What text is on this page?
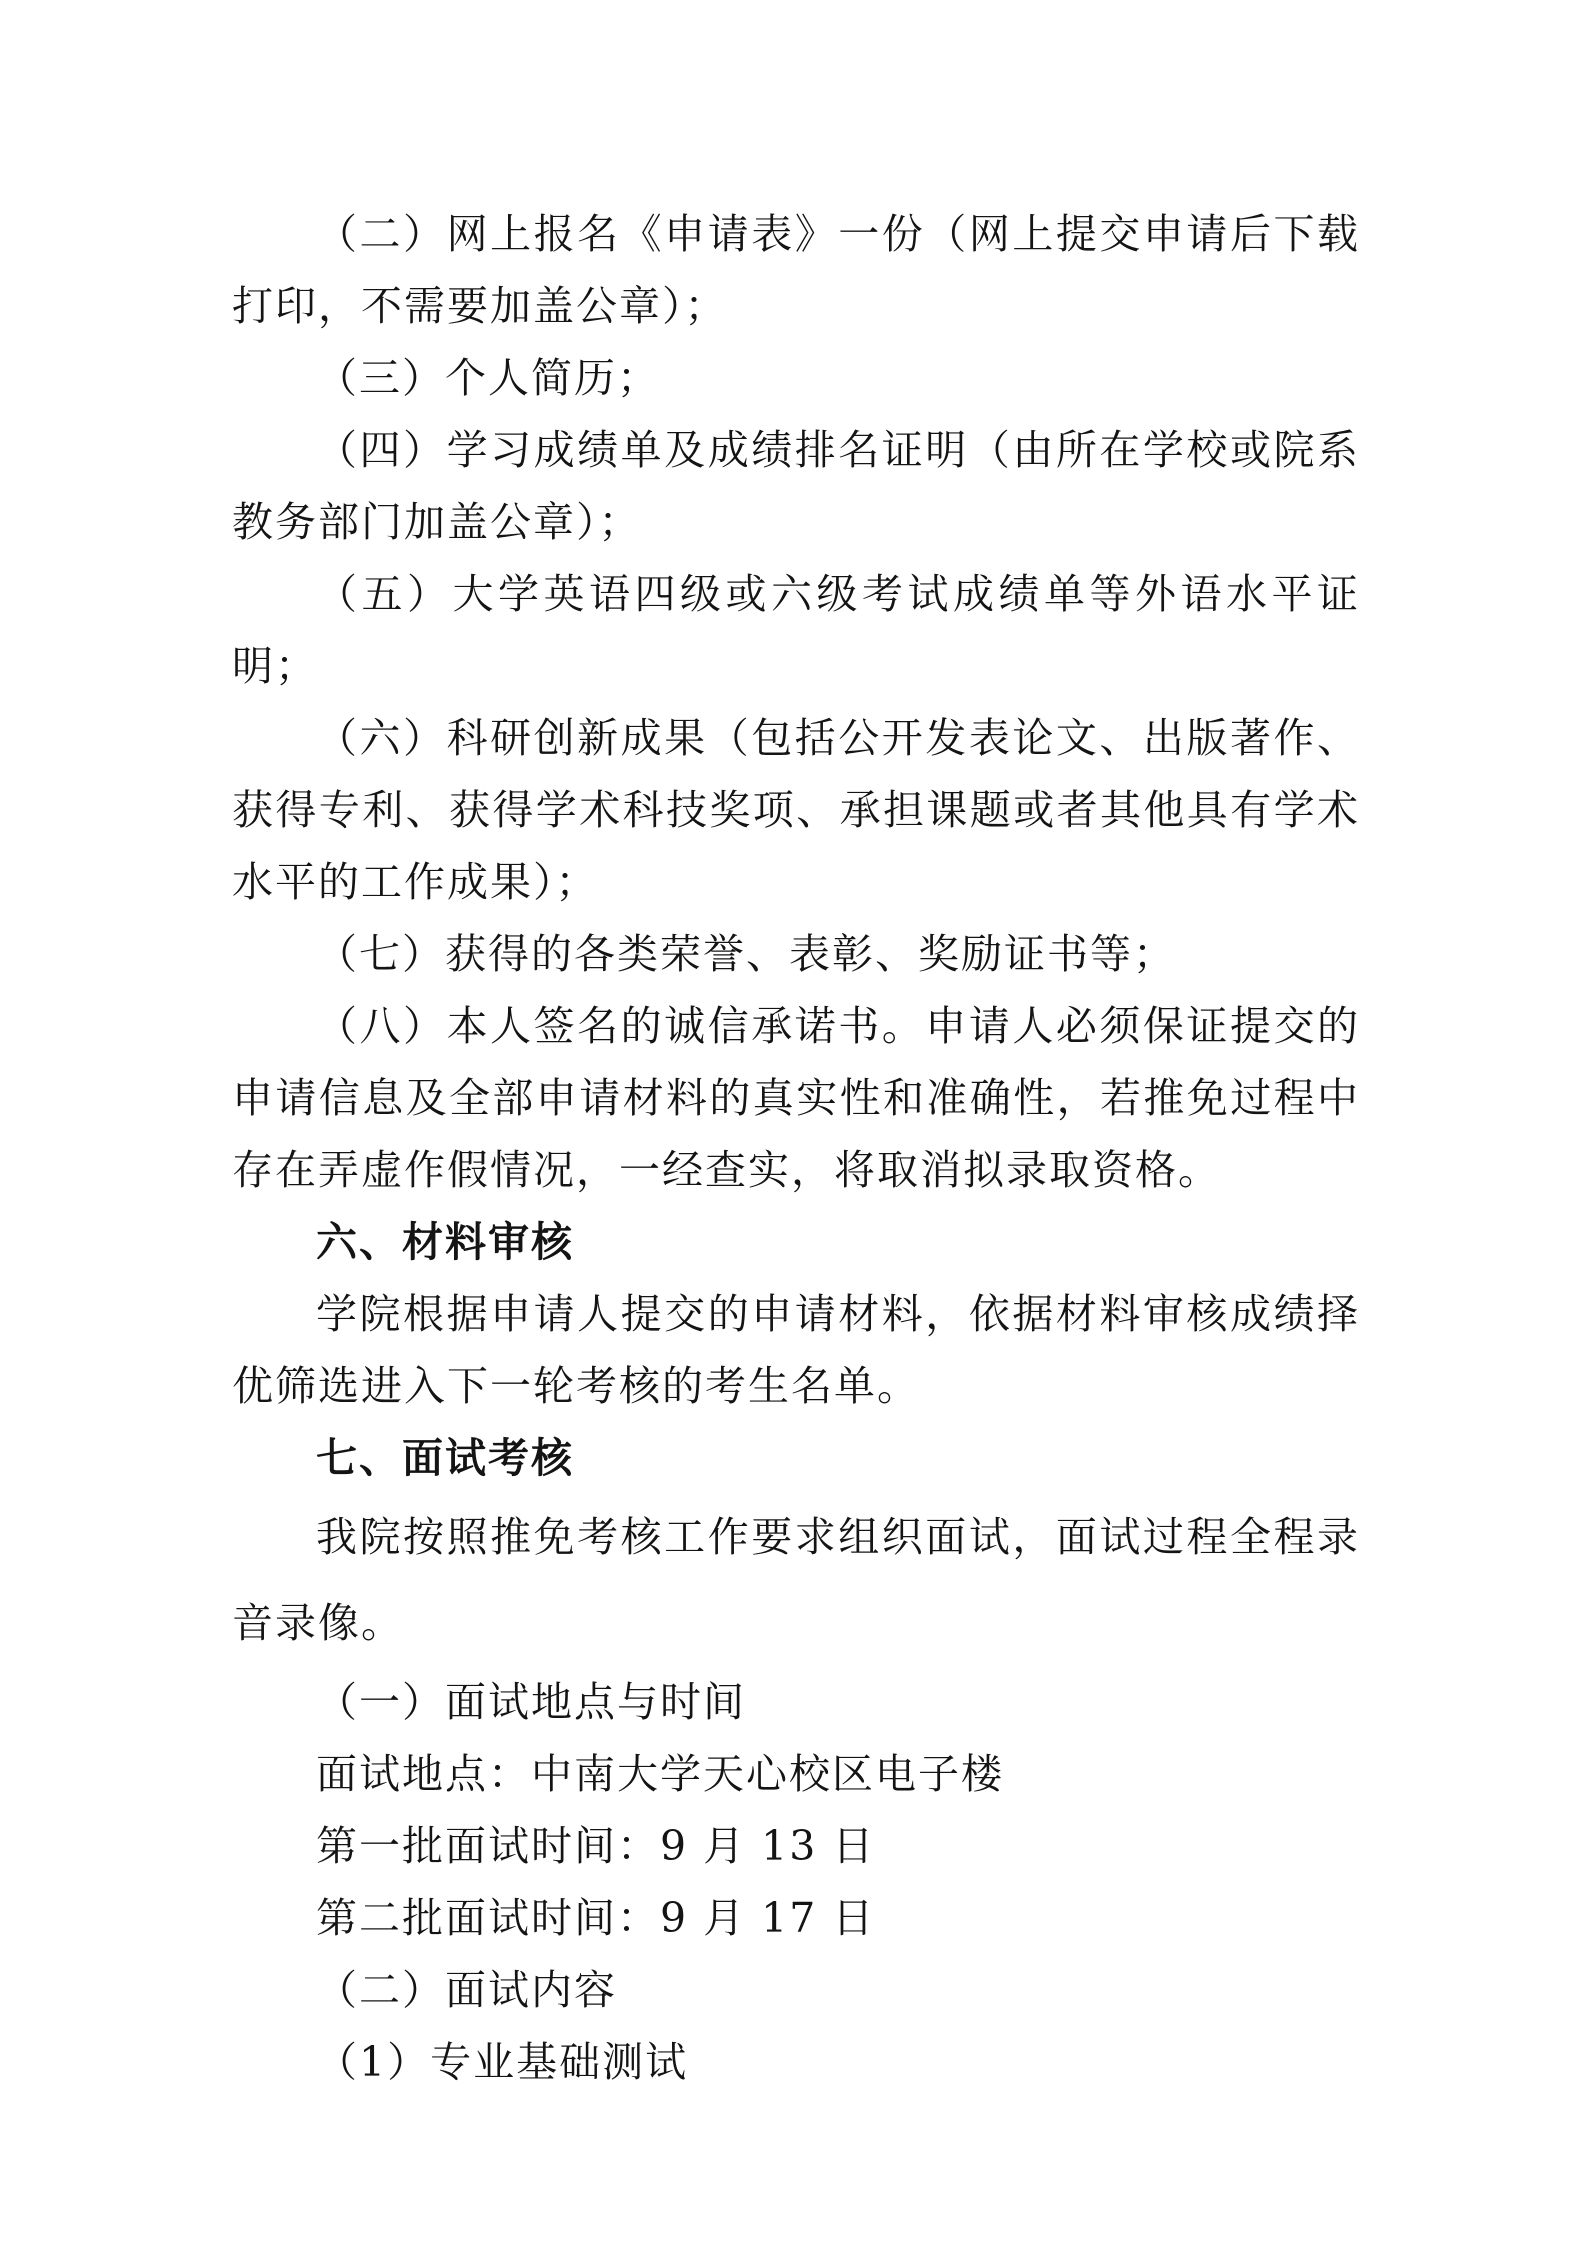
（二）网上报名《申请表》一份（网上提交申请后下载打印，不需要加盖公章）；

（三）个人简历；

（四）学习成绩单及成绩排名证明（由所在学校或院系教务部门加盖公章）；

（五）大学英语四级或六级考试成绩单等外语水平证明；

（六）科研创新成果（包括公开发表论文、出版著作、获得专利、获得学术科技奖项、承担课题或者其他具有学术水平的工作成果）；

（七）获得的各类荣誉、表彰、奖励证书等；

（八）本人签名的诚信承诺书。申请人必须保证提交的申请信息及全部申请材料的真实性和准确性，若推免过程中存在弄虚作假情况，一经查实，将取消拟录取资格。

六、材料审核

学院根据申请人提交的申请材料，依据材料审核成绩择优筛选进入下一轮考核的考生名单。

七、面试考核

我院按照推免考核工作要求组织面试，面试过程全程录音录像。

（一）面试地点与时间

面试地点：中南大学天心校区电子楼

第一批面试时间：9 月 13 日

第二批面试时间：9 月 17 日

（二）面试内容

（1）专业基础测试
